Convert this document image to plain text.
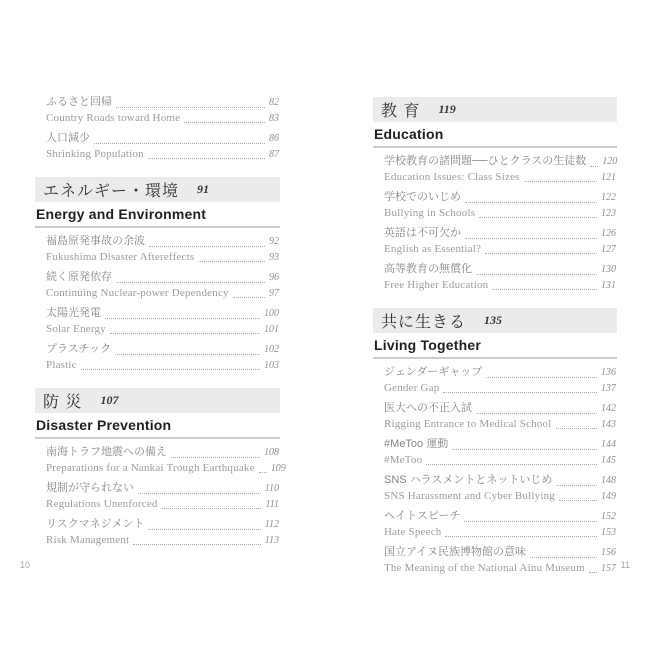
ふるさと回帰	82
Country Roads toward Home	83
人口減少	86
Shrinking Population	87
エネルギー・環境 91
Energy and Environment
福島原発事故の余波	92
Fukushima Disaster Aftereffects	93
続く原発依存	96
Continuing Nuclear-power Dependency	97
太陽光発電	100
Solar Energy	101
プラスチック	102
Plastic	103
防 災 107
Disaster Prevention
南海トラフ地震への備え	108
Preparations for a Nankai Trough Earthquake 109
規制が守られない	110
Regulations Unenforced	111
リスクマネジメント	112
Risk Management	113
教 育 119
Education
学校教育の諸問題──ひとクラスの生徒数 120
Education Issues: Class Sizes	121
学校でのいじめ	122
Bullying in Schools	123
英語は不可欠か	126
English as Essential?	127
高等教育の無償化	130
Free Higher Education	131
共に生きる 135
Living Together
ジェンダーギャップ	136
Gender Gap	137
医大への不正入試	142
Rigging Entrance to Medical School	143
#MeToo 運動	144
#MeToo	145
SNS ハラスメントとネットいじめ	148
SNS Harassment and Cyber Bullying	149
ヘイトスピーチ	152
Hate Speech	153
国立アイヌ民族博物館の意味	156
The Meaning of the National Ainu Museum 157
10	11
